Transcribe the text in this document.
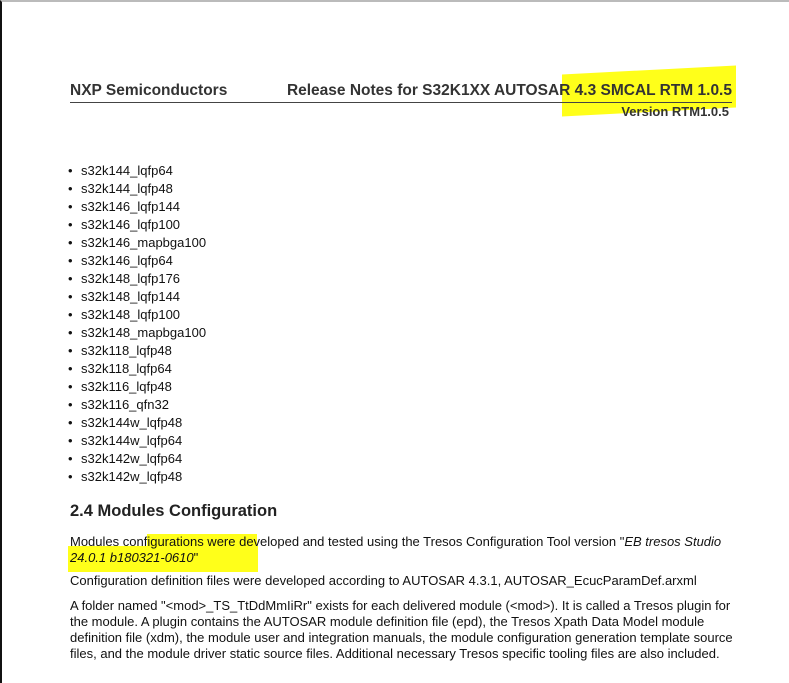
NXP Semiconductors	Release Notes for S32K1XX AUTOSAR 4.3 SMCAL RTM 1.0.5
Version RTM1.0.5
• s32k144_lqfp64
• s32k144_lqfp48
• s32k146_lqfp144
• s32k146_lqfp100
• s32k146_mapbga100
• s32k146_lqfp64
• s32k148_lqfp176
• s32k148_lqfp144
• s32k148_lqfp100
• s32k148_mapbga100
• s32k118_lqfp48
• s32k118_lqfp64
• s32k116_lqfp48
• s32k116_qfn32
• s32k144w_lqfp48
• s32k144w_lqfp64
• s32k142w_lqfp64
• s32k142w_lqfp48
2.4 Modules Configuration

Modules configurations were developed and tested using the Tresos Configuration Tool version "EB tresos Studio 24.0.1 b180321-0610"

Configuration definition files were developed according to AUTOSAR 4.3.1, AUTOSAR_EcucParamDef.arxml

A folder named "<mod>_TS_TtDdMmIiRr" exists for each delivered module (<mod>). It is called a Tresos plugin for the module. A plugin contains the AUTOSAR module definition file (epd), the Tresos Xpath Data Model module definition file (xdm), the module user and integration manuals, the module configuration generation template source files, and the module driver static source files. Additional necessary Tresos specific tooling files are also included.
